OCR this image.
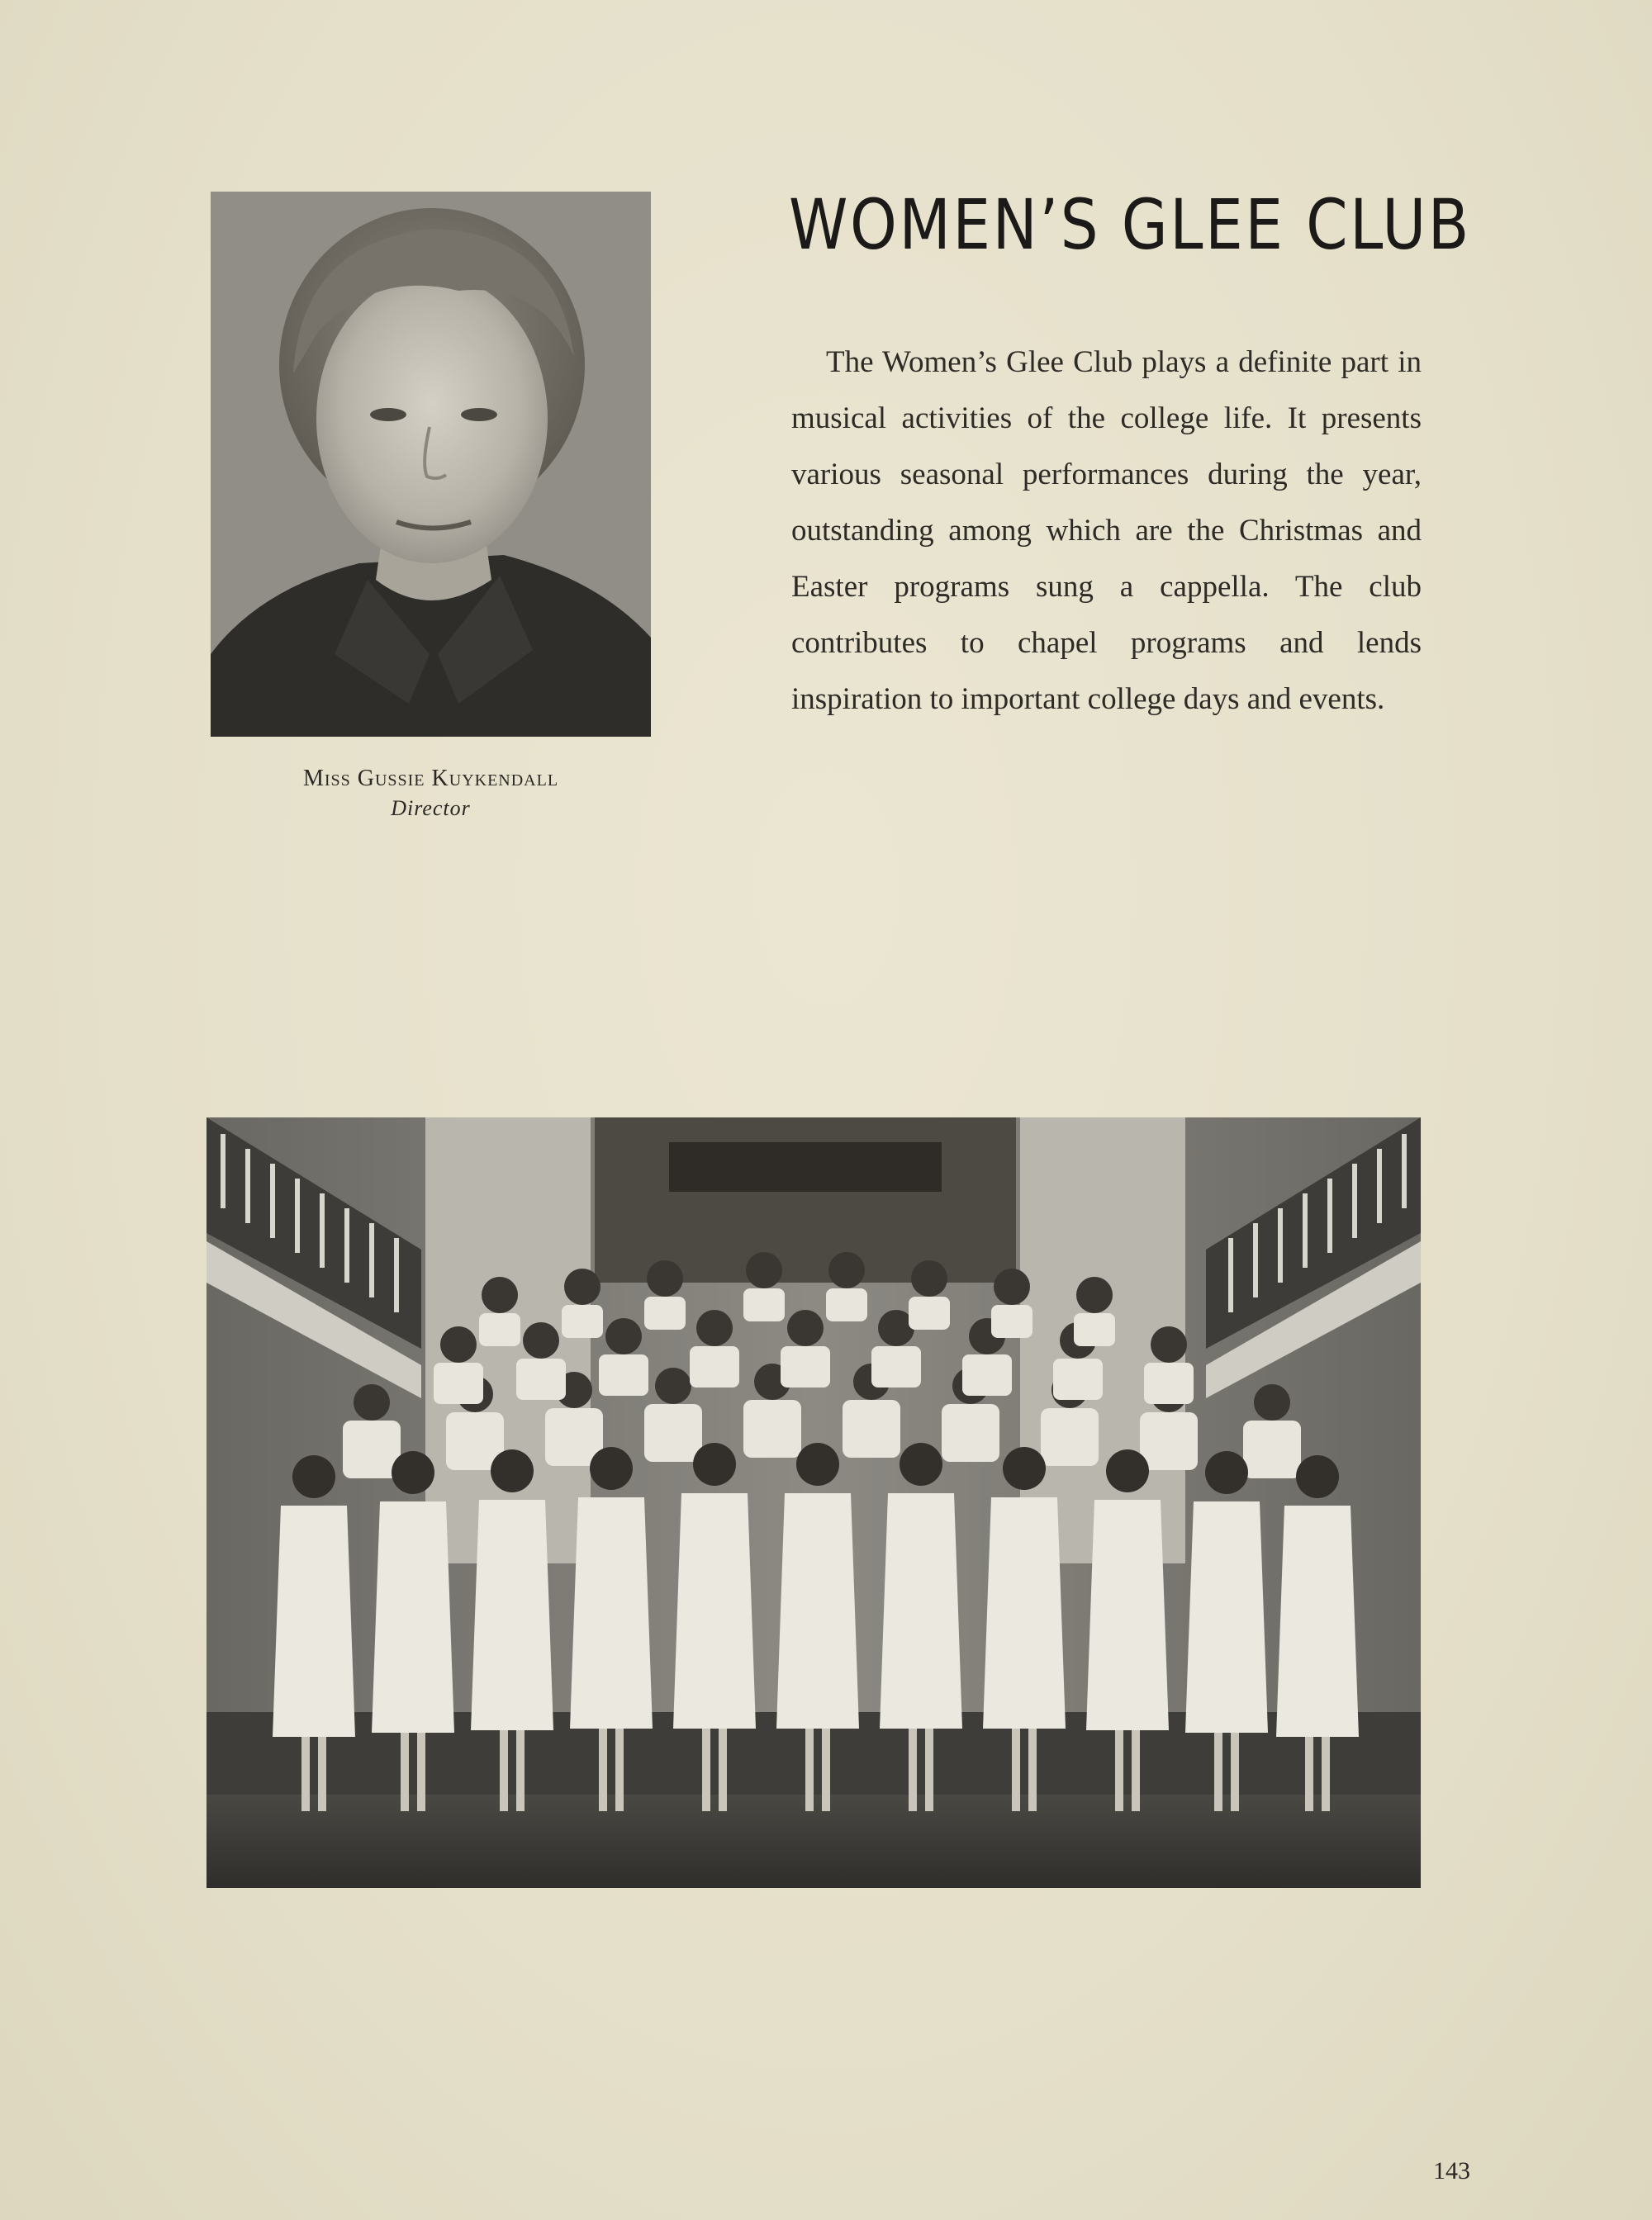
Miss Gussie Kuykendall
Director
WOMEN’S GLEE CLUB

The Women’s Glee Club plays a definite part in musical activities of the college life. It presents various seasonal performances during the year, outstanding among which are the Christmas and Easter programs sung a cappella. The club contributes to chapel programs and lends inspiration to important college days and events.

143
